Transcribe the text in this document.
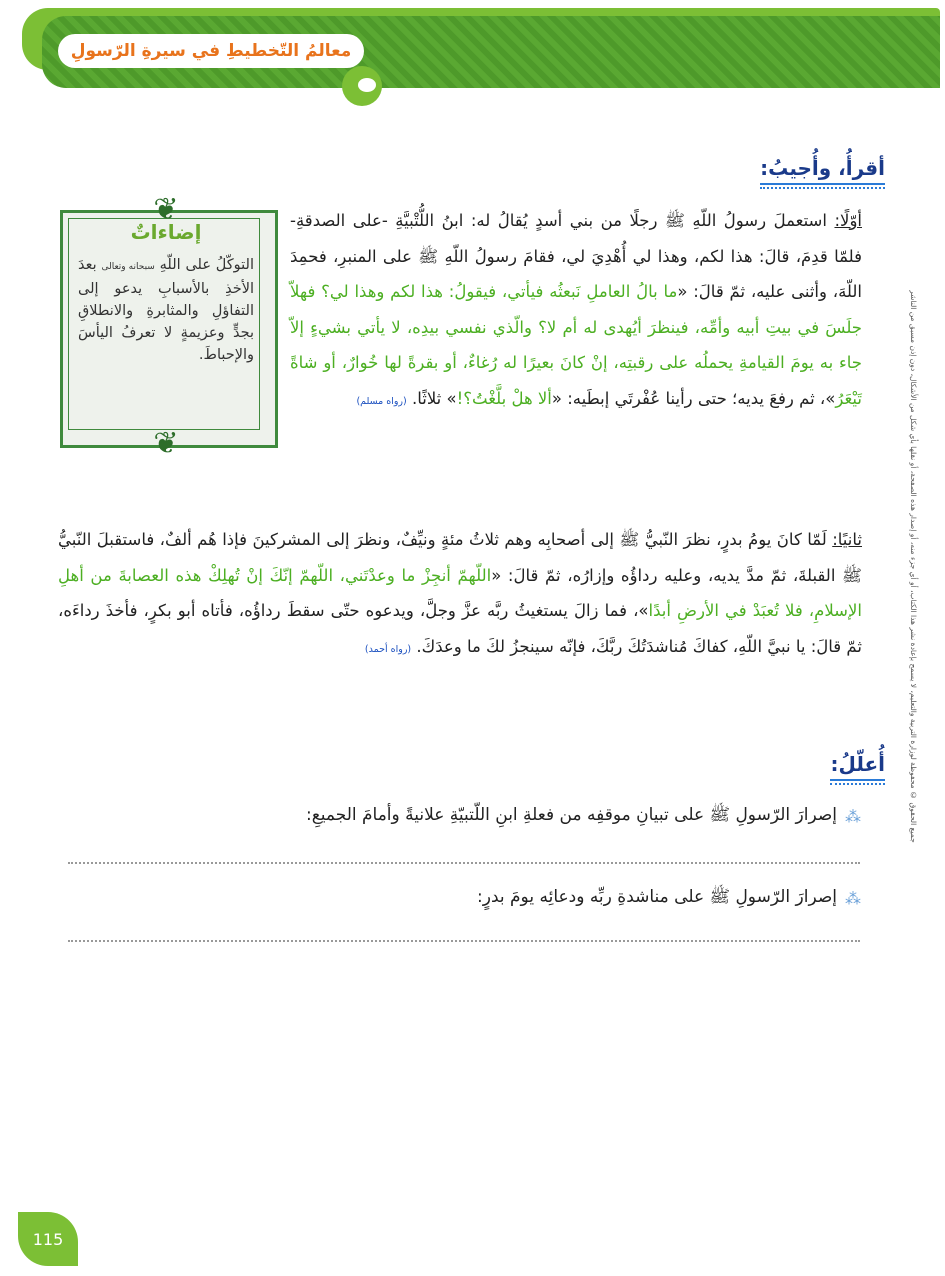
معالمُ التّخطيطِ في سيرةِ الرّسولِ
جميع الحقوق © محفوظة لوزارة التربية والتعليم، لا يسمح بإعادة نشر هذا الكتاب، أو أي جزء منه، أو إصدار هذه الصفحة، أو نقلها بأي شكل من الأشكال، دون إذن مسبق من الناشر
أقرأُ، وأُجيبُ:
❦
❦
إضاءاتٌ
التوكّلُ على اللّهِ سبحانه وتعالى بعدَ الأخذِ بالأسبابِ يدعو إلى التفاؤلِ والمثابرةِ والانطلاقِ بجدٍّ وعزيمةٍ لا تعرفُ اليأسَ والإحباطَ.
أوّلًا: استعملَ رسولُ اللّهِ ﷺ رجلًا من بني أسدٍ يُقالُ له: ابنُ اللُّتْبيَّةِ -على الصدقةِ- فلمّا قدِمَ، قالَ: هذا لكم، وهذا لي أُهْدِيَ لي، فقامَ رسولُ اللّهِ ﷺ على المنبرِ، فحمِدَ اللّهَ، وأثنى عليه، ثمّ قالَ: «ما بالُ العاملِ نَبعثُه فيأتي، فيقولُ: هذا لكم وهذا لي؟ فهلاّ جلَسَ في بيتِ أبيه وأمِّه، فينظرَ أيُهدى له أم لا؟ والّذي نفسي بيدِه، لا يأتي بشيءٍ إلاّ جاء به يومَ القيامةِ يحملُه على رقبتِه، إنْ كانَ بعيرًا له رُغاءٌ، أو بقرةً لها خُوارٌ، أو شاةً تَيْعَرُ»، ثم رفعَ يديه؛ حتى رأينا عُفْرتَي إبطَيه: «ألا هلْ بلَّغْتُ؟!» ثلاثًا. (رواه مسلم)
ثانيًا: لَمّا كانَ يومُ بدرٍ، نظرَ النّبيُّ ﷺ إلى أصحابِه وهم ثلاثُ مئةٍ ونيِّفٌ، ونظرَ إلى المشركينَ فإذا هُم ألفٌ، فاستقبلَ النّبيُّ ﷺ القبلةَ، ثمّ مدَّ يديه، وعليه رداؤُه وإزارُه، ثمّ قالَ: «اللّهمّ أنجِزْ ما وعدْتَني، اللّهمّ إنّكَ إنْ تُهلِكْ هذه العصابةَ من أهلِ الإسلامِ، فلا تُعبَدْ في الأرضِ أبدًا»، فما زالَ يستغيثُ ربَّه عزَّ وجلَّ، ويدعوه حتّى سقطَ رداؤُه، فأتاه أبو بكرٍ، فأخذَ رداءَه، ثمّ قالَ: يا نبيَّ اللّهِ، كفاكَ مُناشدَتُكَ ربَّكَ، فإنّه سينجزُ لكَ ما وعدَكَ. (رواه أحمد)
أُعلّلُ:
⁂
إصرارَ الرّسولِ ﷺ على تبيانِ موقفِه من فعلةِ ابنِ اللّتبيّةِ علانيةً وأمامَ الجميعِ:
⁂
إصرارَ الرّسولِ ﷺ على مناشدةِ ربِّه ودعائِه يومَ بدرٍ:
115
